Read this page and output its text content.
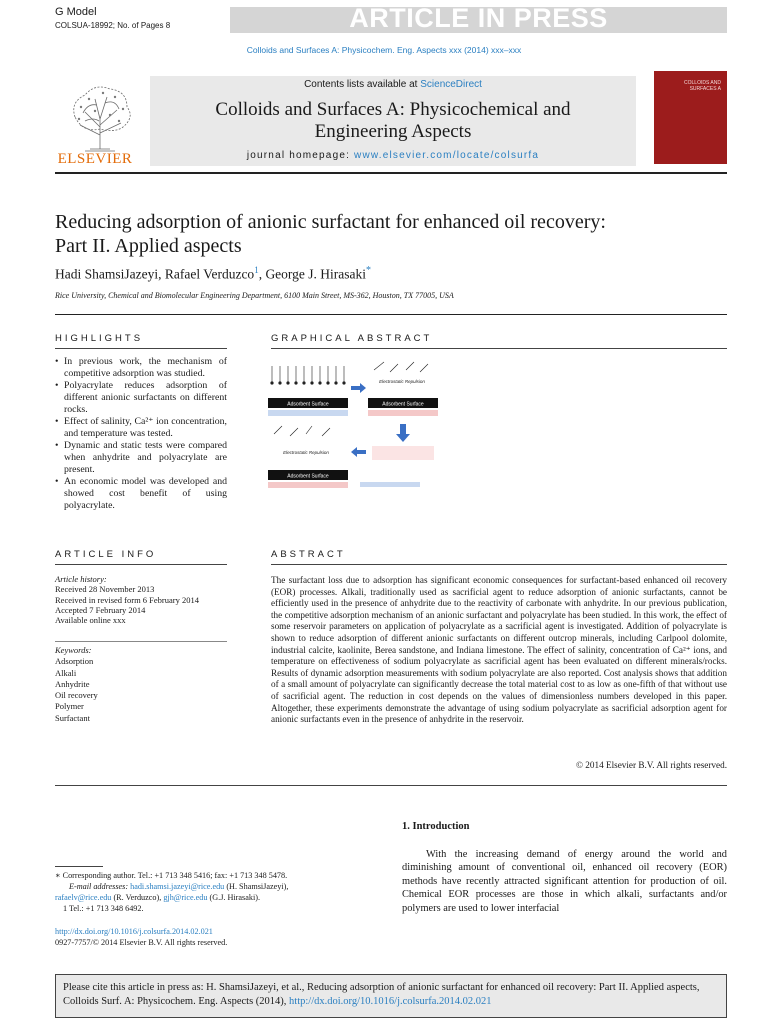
G Model
COLSUA-18992; No. of Pages 8	ARTICLE IN PRESS
Colloids and Surfaces A: Physicochem. Eng. Aspects xxx (2014) xxx–xxx
ELSEVIER
Contents lists available at ScienceDirect
Colloids and Surfaces A: Physicochemical and
Engineering Aspects
journal homepage: www.elsevier.com/locate/colsurfa
COLLOIDS AND SURFACES A
Reducing adsorption of anionic surfactant for enhanced oil recovery:
Part II. Applied aspects
Hadi ShamsiJazeyi, Rafael Verduzco$^1$, George J. Hirasaki*
Rice University, Chemical and Biomolecular Engineering Department, 6100 Main Street, MS-362, Houston, TX 77005, USA
HIGHLIGHTS	GRAPHICAL ABSTRACT
• In previous work, the mechanism of competitive adsorption was studied.
• Polyacrylate reduces adsorption of different anionic surfactants on different rocks.
• Effect of salinity, Ca²⁺ ion concentration, and temperature was tested.
• Dynamic and static tests were compared when anhydrite and polyacrylate are present.
• An economic model was developed and showed cost benefit of using polyacrylate.
Adsorbent Surface
Electrostatic Repulsion
Adsorbent Surface
Electrostatic Repulsion
Adsorbent Surface
ARTICLE INFO	ABSTRACT
Article history:
Received 28 November 2013
Received in revised form 6 February 2014
Accepted 7 February 2014
Available online xxx
Keywords:
Adsorption
Alkali
Anhydrite
Oil recovery
Polymer
Surfactant
The surfactant loss due to adsorption has significant economic consequences for surfactant-based enhanced oil recovery (EOR) processes. Alkali, traditionally used as sacrificial agent to reduce adsorption of anionic surfactants, cannot be efficiently used in the presence of anhydrite due to the reactivity of carbonate with anhydrite. In our previous publication, the competitive adsorption mechanism of an anionic surfactant and polyacrylate has been studied. In this work, the effect of some reservoir parameters on application of polyacrylate as a sacrificial agent is investigated. Addition of polyacrylate is shown to reduce adsorption of different anionic surfactants on different outcrop minerals, including Carlpool dolomite, industrial calcite, kaolinite, Berea sandstone, and Indiana limestone. The effect of salinity, concentration of Ca²⁺ ions, and temperature on effectiveness of sodium polyacrylate as sacrificial agent has been evaluated on different minerals/rocks. Results of dynamic adsorption measurements with sodium polyacrylate are also reported. Cost analysis shows that addition of a small amount of polyacrylate can significantly decrease the total material cost to as low as one-fifth of that without use of sacrificial agent. The reduction in cost depends on the values of dimensionless numbers developed in this paper. Altogether, these experiments demonstrate the advantage of using sodium polyacrylate as sacrificial adsorption agent for anionic surfactants even in the presence of anhydrite in the reservoir.
© 2014 Elsevier B.V. All rights reserved.
1. Introduction
With the increasing demand of energy around the world and diminishing amount of conventional oil, enhanced oil recovery (EOR) methods have recently attracted significant attention for production of oil. Chemical EOR processes are those in which alkali, surfactants and/or polymers are used to lower interfacial
∗ Corresponding author. Tel.: +1 713 348 5416; fax: +1 713 348 5478.
E-mail addresses: hadi.shamsi.jazeyi@rice.edu (H. ShamsiJazeyi),
rafaelv@rice.edu (R. Verduzco), gjh@rice.edu (G.J. Hirasaki).
1 Tel.: +1 713 348 6492.
http://dx.doi.org/10.1016/j.colsurfa.2014.02.021
0927-7757/© 2014 Elsevier B.V. All rights reserved.
Please cite this article in press as: H. ShamsiJazeyi, et al., Reducing adsorption of anionic surfactant for enhanced oil recovery: Part II. Applied aspects, Colloids Surf. A: Physicochem. Eng. Aspects (2014), http://dx.doi.org/10.1016/j.colsurfa.2014.02.021
